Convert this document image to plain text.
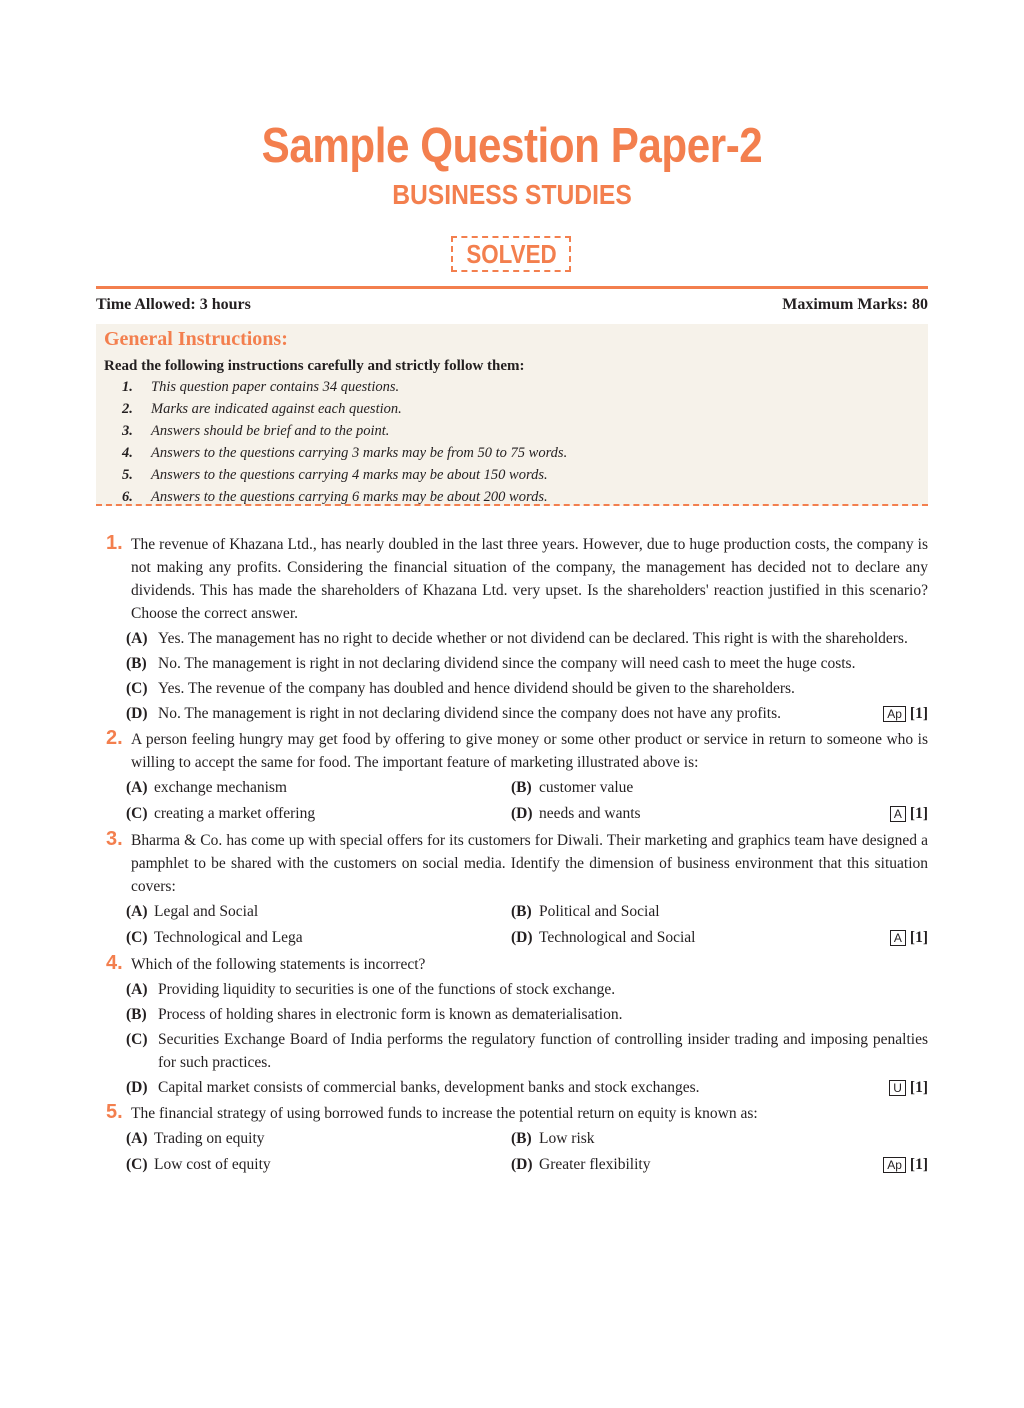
Sample Question Paper-2
BUSINESS STUDIES
SOLVED
Time Allowed: 3 hours	Maximum Marks: 80
General Instructions:
Read the following instructions carefully and strictly follow them:
1.	This question paper contains 34 questions.
2.	Marks are indicated against each question.
3.	Answers should be brief and to the point.
4.	Answers to the questions carrying 3 marks may be from 50 to 75 words.
5.	Answers to the questions carrying 4 marks may be about 150 words.
6.	Answers to the questions carrying 6 marks may be about 200 words.
1. The revenue of Khazana Ltd., has nearly doubled in the last three years. However, due to huge production costs, the company is not making any profits. Considering the financial situation of the company, the management has decided not to declare any dividends. This has made the shareholders of Khazana Ltd. very upset. Is the shareholders' reaction justified in this scenario? Choose the correct answer.
(A) Yes. The management has no right to decide whether or not dividend can be declared. This right is with the shareholders.
(B) No. The management is right in not declaring dividend since the company will need cash to meet the huge costs.
(C) Yes. The revenue of the company has doubled and hence dividend should be given to the shareholders.
(D) No. The management is right in not declaring dividend since the company does not have any profits.	Ap [1]
2. A person feeling hungry may get food by offering to give money or some other product or service in return to someone who is willing to accept the same for food. The important feature of marketing illustrated above is:
(A) exchange mechanism	(B) customer value
(C) creating a market offering	(D) needs and wants	A [1]
3. Bharma & Co. has come up with special offers for its customers for Diwali. Their marketing and graphics team have designed a pamphlet to be shared with the customers on social media. Identify the dimension of business environment that this situation covers:
(A) Legal and Social	(B) Political and Social
(C) Technological and Lega	(D) Technological and Social	A [1]
4. Which of the following statements is incorrect?
(A) Providing liquidity to securities is one of the functions of stock exchange.
(B) Process of holding shares in electronic form is known as dematerialisation.
(C) Securities Exchange Board of India performs the regulatory function of controlling insider trading and imposing penalties for such practices.
(D) Capital market consists of commercial banks, development banks and stock exchanges.	U [1]
5. The financial strategy of using borrowed funds to increase the potential return on equity is known as:
(A) Trading on equity	(B) Low risk
(C) Low cost of equity	(D) Greater flexibility	Ap [1]
